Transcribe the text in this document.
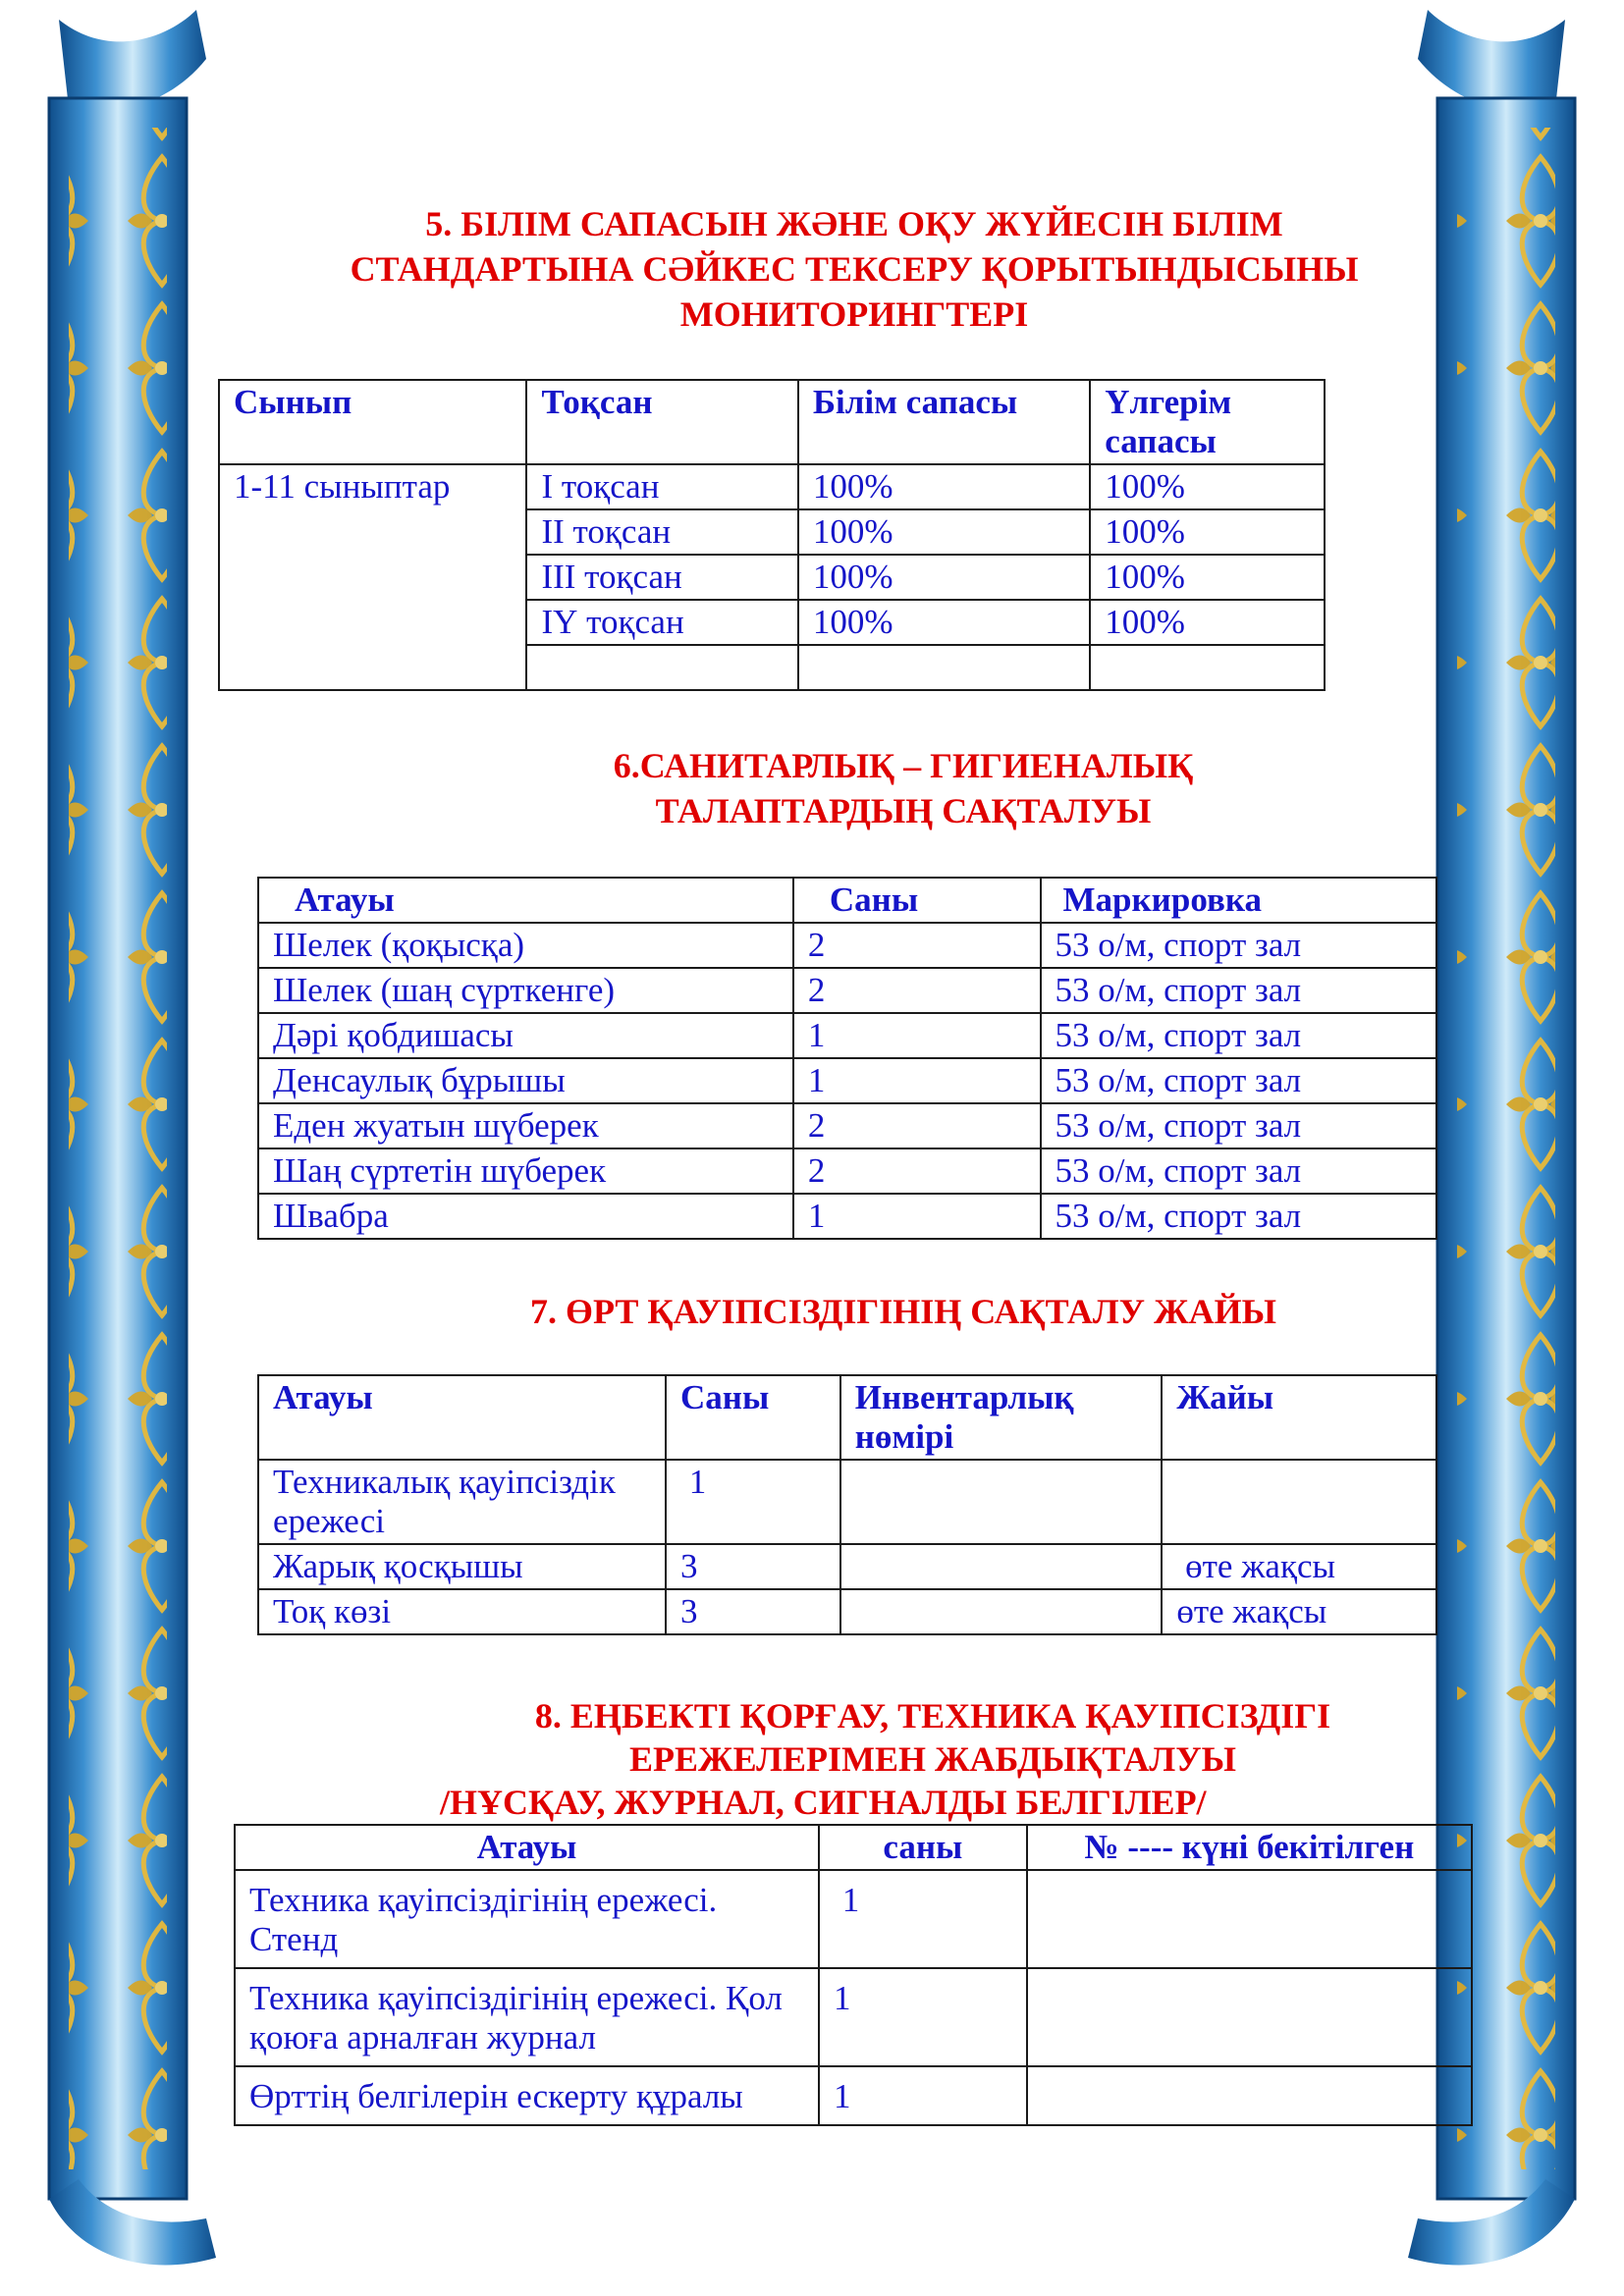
5. БІЛІМ САПАСЫН ЖӘНЕ ОҚУ ЖҮЙЕСІН БІЛІМ
СТАНДАРТЫНА СӘЙКЕС ТЕКСЕРУ ҚОРЫТЫНДЫСЫНЫ
МОНИТОРИНГТЕРІ
Сынып	Тоқсан	Білім сапасы	Үлгерім сапасы
1-11 сыныптар	І тоқсан	100%	100%
	ІІ тоқсан	100%	100%
	ІІІ тоқсан	100%	100%
	ІҮ тоқсан	100%	100%

6.САНИТАРЛЫҚ – ГИГИЕНАЛЫҚ
ТАЛАПТАРДЫҢ САҚТАЛУЫ
Атауы	Саны	Маркировка
Шелек (қоқысқа)	2	53 о/м, спорт зал
Шелек (шаң сүрткенге)	2	53 о/м, спорт зал
Дәрі қобдишасы	1	53 о/м, спорт зал
Денсаулық бұрышы	1	53 о/м, спорт зал
Еден жуатын шүберек	2	53 о/м, спорт зал
Шаң сүртетін шүберек	2	53 о/м, спорт зал
Швабра	1	53 о/м, спорт зал
7. ӨРТ ҚАУІПСІЗДІГІНІҢ САҚТАЛУ ЖАЙЫ
Атауы	Саны	Инвентарлық нөмірі	Жайы
Техникалық қауіпсіздік ережесі	1		
Жарық қосқышы	3		өте жақсы
Тоқ көзі	3		өте жақсы
8. ЕҢБЕКТІ ҚОРҒАУ, ТЕХНИКА ҚАУІПСІЗДІГІ
ЕРЕЖЕЛЕРІМЕН ЖАБДЫҚТАЛУЫ
/НҰСҚАУ, ЖУРНАЛ, СИГНАЛДЫ БЕЛГІЛЕР/
Атауы	саны	№ ---- күні бекітілген
Техника қауіпсіздігінің ережесі. Стенд	1	
Техника қауіпсіздігінің ережесі. Қол қоюға арналған журнал	1	
Өрттің белгілерін ескерту құралы	1	
